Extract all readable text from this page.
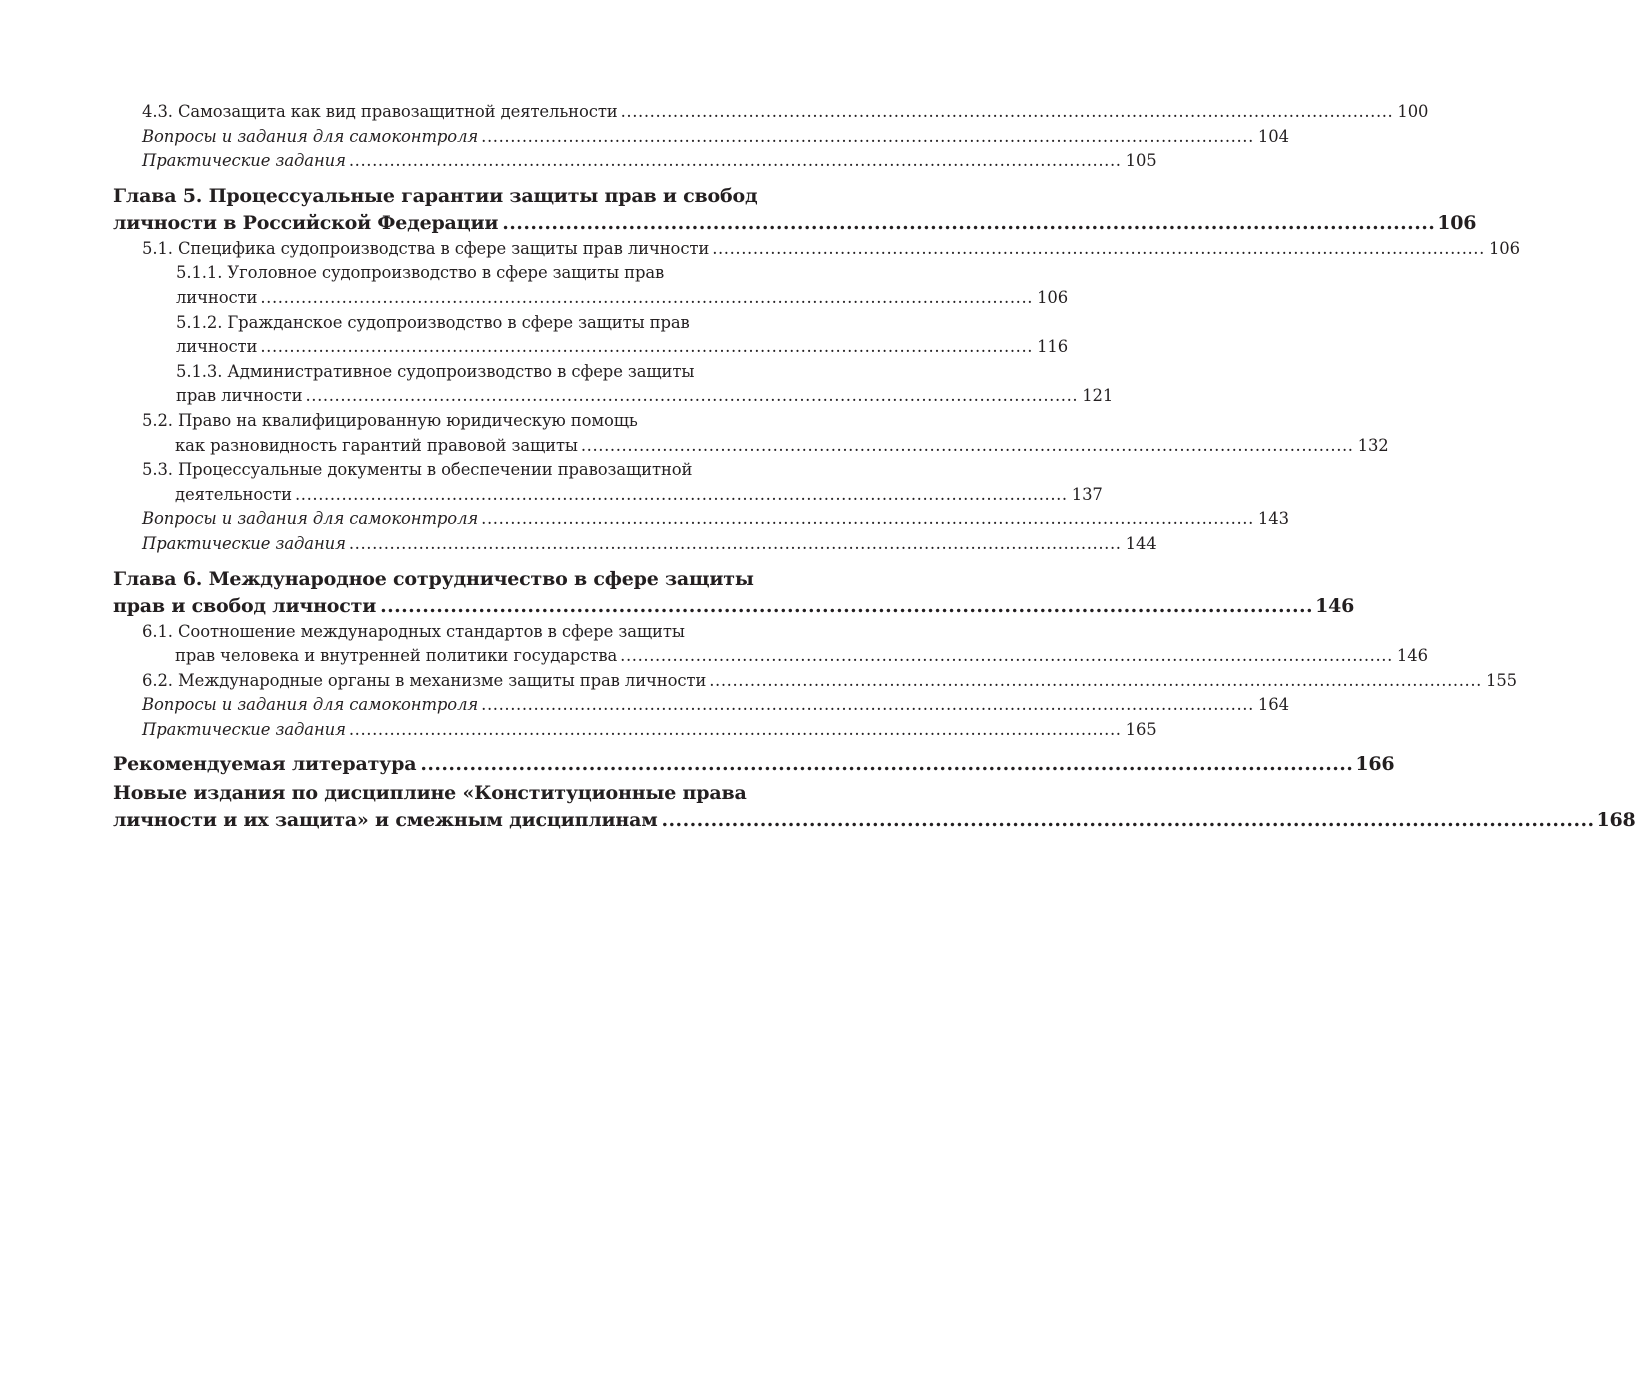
4.3. Самозащита как вид правозащитной деятельности ..................................................................................................................................... 100
Вопросы и задания для самоконтроля ..................................................................................................................................... 104
Практические задания ..................................................................................................................................... 105
Глава 5. Процессуальные гарантии защиты прав и свобод
личности в Российской Федерации ..................................................................................................................................... 106
5.1. Специфика судопроизводства в сфере защиты прав личности ..................................................................................................................................... 106
5.1.1. Уголовное судопроизводство в сфере защиты прав
личности ..................................................................................................................................... 106
5.1.2. Гражданское судопроизводство в сфере защиты прав
личности ..................................................................................................................................... 116
5.1.3. Административное судопроизводство в сфере защиты
прав личности ..................................................................................................................................... 121
5.2. Право на квалифицированную юридическую помощь
как разновидность гарантий правовой защиты ..................................................................................................................................... 132
5.3. Процессуальные документы в обеспечении правозащитной
деятельности ..................................................................................................................................... 137
Вопросы и задания для самоконтроля ..................................................................................................................................... 143
Практические задания ..................................................................................................................................... 144
Глава 6. Международное сотрудничество в сфере защиты
прав и свобод личности ..................................................................................................................................... 146
6.1. Соотношение международных стандартов в сфере защиты
прав человека и внутренней политики государства ..................................................................................................................................... 146
6.2. Международные органы в механизме защиты прав личности ..................................................................................................................................... 155
Вопросы и задания для самоконтроля ..................................................................................................................................... 164
Практические задания ..................................................................................................................................... 165
Рекомендуемая литература ..................................................................................................................................... 166
Новые издания по дисциплине «Конституционные права
личности и их защита» и смежным дисциплинам ..................................................................................................................................... 168
